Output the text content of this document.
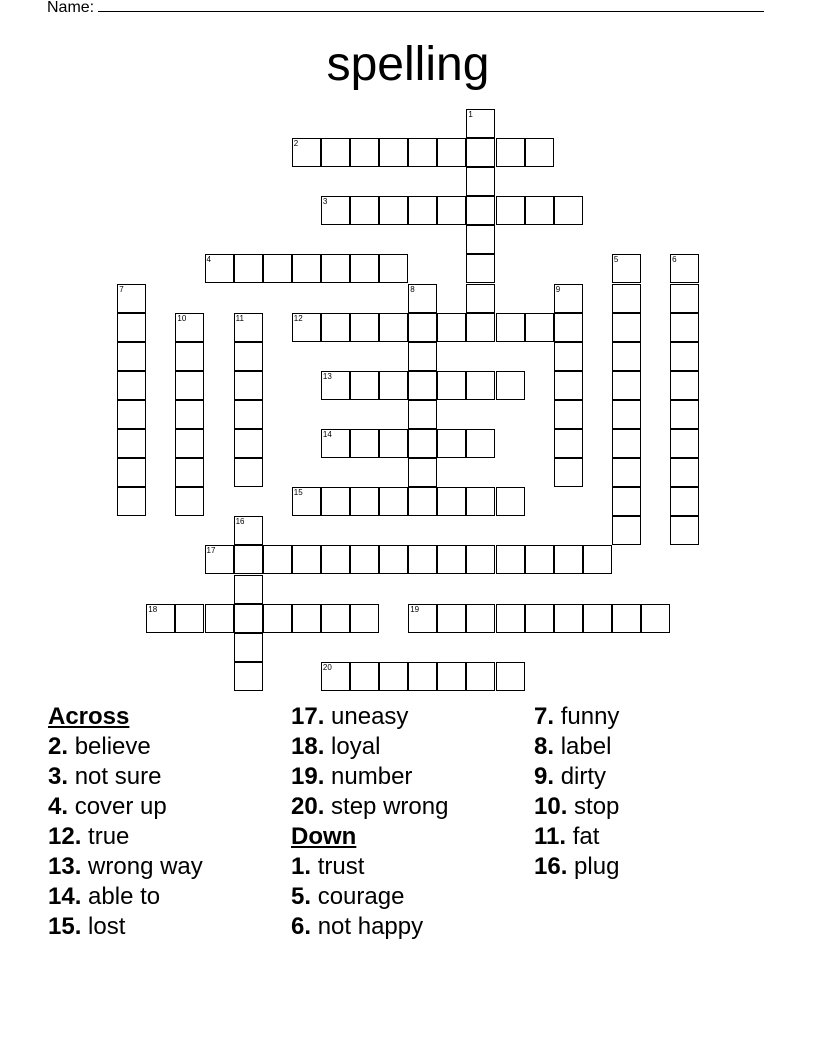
Name:
spelling
2
3
4
12
13
14
15
17
18	19
20
1
5	6
7	8	9
10	11
16
Across
2. believe
3. not sure
4. cover up
12. true
13. wrong way
14. able to
15. lost
17. uneasy
18. loyal
19. number
20. step wrong
Down
1. trust
5. courage
6. not happy
7. funny
8. label
9. dirty
10. stop
11. fat
16. plug
